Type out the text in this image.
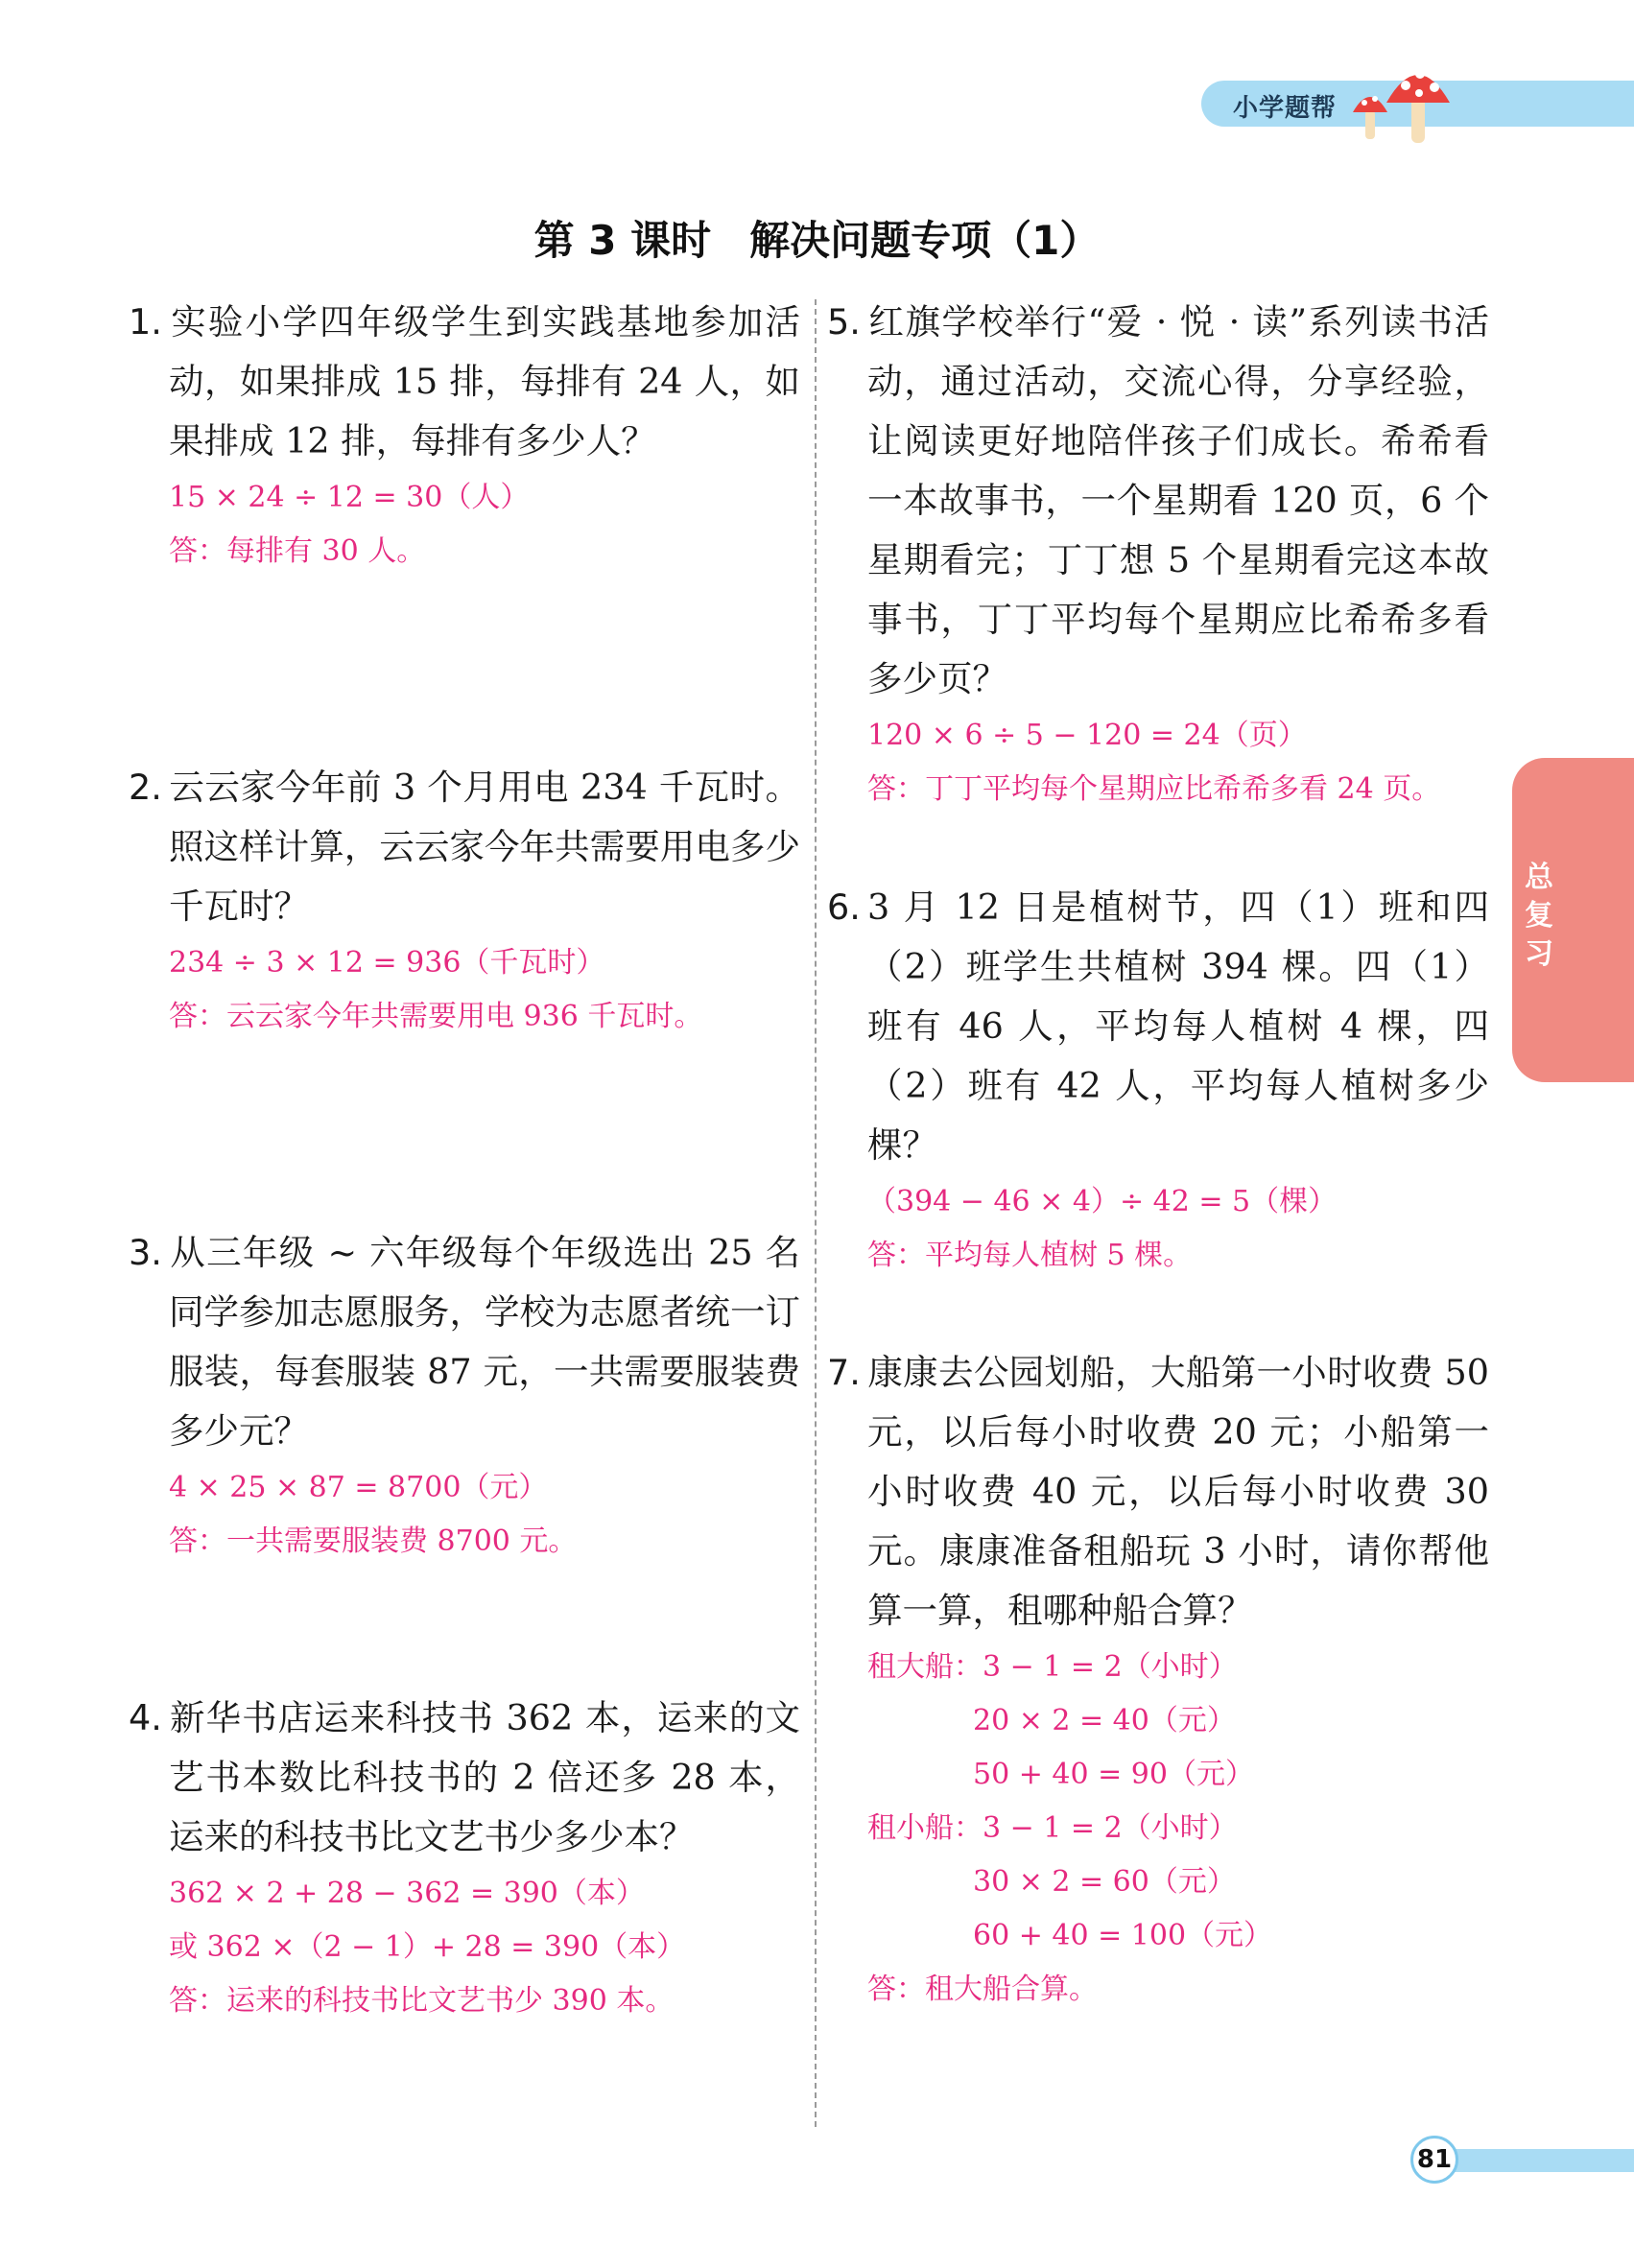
小学题帮
第 3 课时 解决问题专项（1）
1. 实验小学四年级学生到实践基地参加活动，如果排成 15 排，每排有 24 人，如果排成 12 排，每排有多少人？
15 × 24 ÷ 12 = 30（人）
答：每排有 30 人。
2. 云云家今年前 3 个月用电 234 千瓦时。照这样计算，云云家今年共需要用电多少千瓦时？
234 ÷ 3 × 12 = 936（千瓦时）
答：云云家今年共需要用电 936 千瓦时。
3. 从三年级 ~ 六年级每个年级选出 25 名同学参加志愿服务，学校为志愿者统一订服装，每套服装 87 元，一共需要服装费多少元？
4 × 25 × 87 = 8700（元）
答：一共需要服装费 8700 元。
4. 新华书店运来科技书 362 本，运来的文艺书本数比科技书的 2 倍还多 28 本，运来的科技书比文艺书少多少本？
362 × 2 + 28 − 362 = 390（本）
或 362 ×（2 − 1）+ 28 = 390（本）
答：运来的科技书比文艺书少 390 本。
5. 红旗学校举行“爱 · 悦 · 读”系列读书活动，通过活动，交流心得，分享经验，让阅读更好地陪伴孩子们成长。希希看一本故事书，一个星期看 120 页，6 个星期看完；丁丁想 5 个星期看完这本故事书，丁丁平均每个星期应比希希多看多少页？
120 × 6 ÷ 5 − 120 = 24（页）
答：丁丁平均每个星期应比希希多看 24 页。
6. 3 月 12 日是植树节，四（1）班和四（2）班学生共植树 394 棵。四（1）班有 46 人，平均每人植树 4 棵，四（2）班有 42 人，平均每人植树多少棵？
（394 − 46 × 4）÷ 42 = 5（棵）
答：平均每人植树 5 棵。
7. 康康去公园划船，大船第一小时收费 50 元，以后每小时收费 20 元；小船第一小时收费 40 元，以后每小时收费 30 元。康康准备租船玩 3 小时，请你帮他算一算，租哪种船合算？
租大船：3 − 1 = 2（小时）
20 × 2 = 40（元）
50 + 40 = 90（元）
租小船：3 − 1 = 2（小时）
30 × 2 = 60（元）
60 + 40 = 100（元）
答：租大船合算。
总复习
81
